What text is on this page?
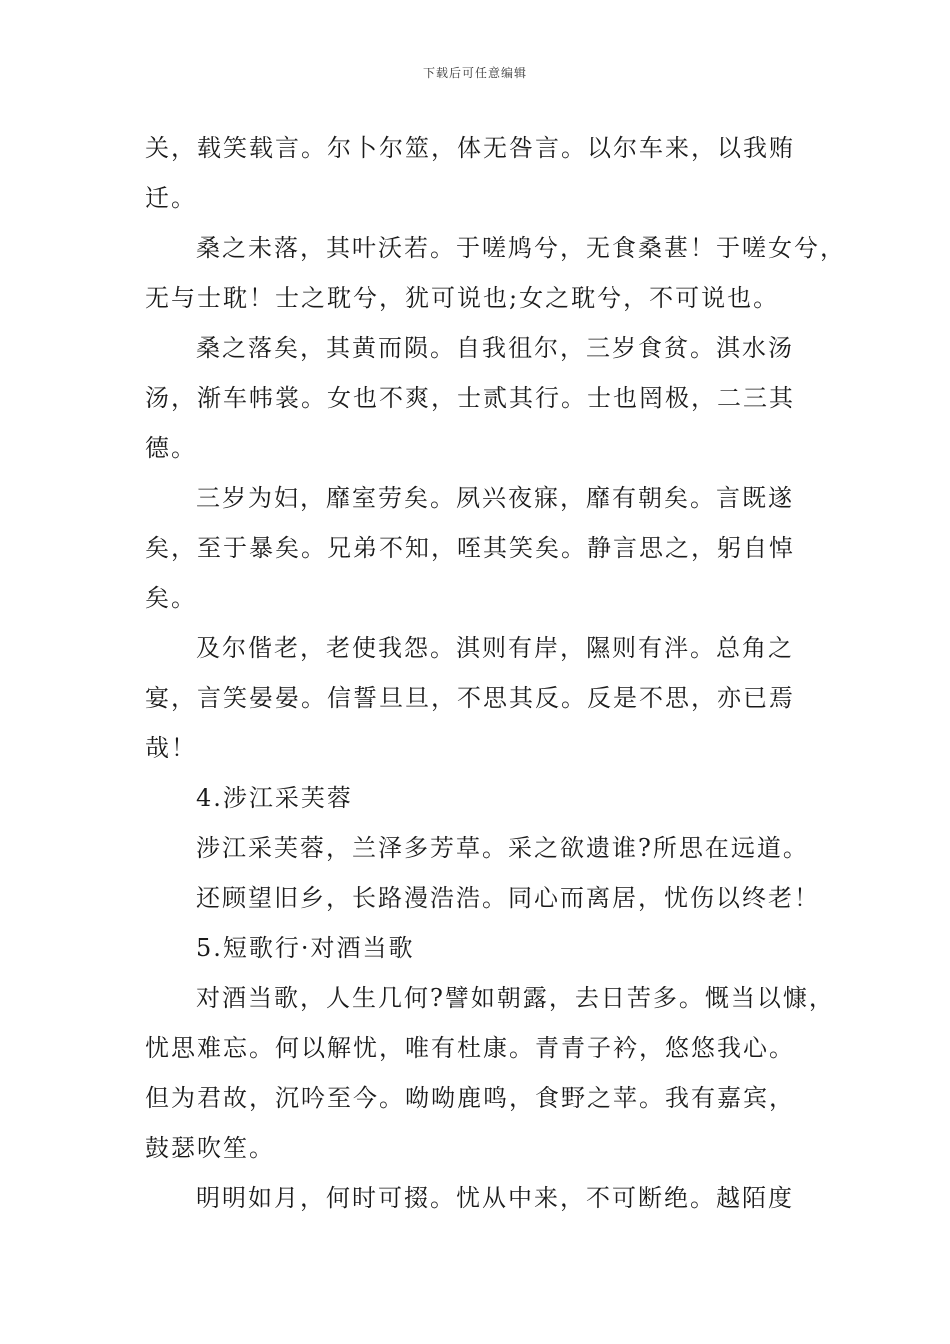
下载后可任意编辑
关，载笑载言。尔卜尔筮，体无咎言。以尔车来，以我贿
迁。
桑之未落，其叶沃若。于嗟鸠兮，无食桑葚！于嗟女兮，
无与士耽！士之耽兮，犹可说也;女之耽兮，不可说也。
桑之落矣，其黄而陨。自我徂尔，三岁食贫。淇水汤
汤，渐车帏裳。女也不爽，士贰其行。士也罔极，二三其
德。
三岁为妇，靡室劳矣。夙兴夜寐，靡有朝矣。言既遂
矣，至于暴矣。兄弟不知，咥其笑矣。静言思之，躬自悼
矣。
及尔偕老，老使我怨。淇则有岸，隰则有泮。总角之
宴，言笑晏晏。信誓旦旦，不思其反。反是不思，亦已焉
哉！
4.涉江采芙蓉
涉江采芙蓉，兰泽多芳草。采之欲遗谁?所思在远道。
还顾望旧乡，长路漫浩浩。同心而离居，忧伤以终老！
5.短歌行·对酒当歌
对酒当歌，人生几何?譬如朝露，去日苦多。慨当以慷，
忧思难忘。何以解忧，唯有杜康。青青子衿，悠悠我心。
但为君故，沉吟至今。呦呦鹿鸣，食野之苹。我有嘉宾，
鼓瑟吹笙。
明明如月，何时可掇。忧从中来，不可断绝。越陌度
